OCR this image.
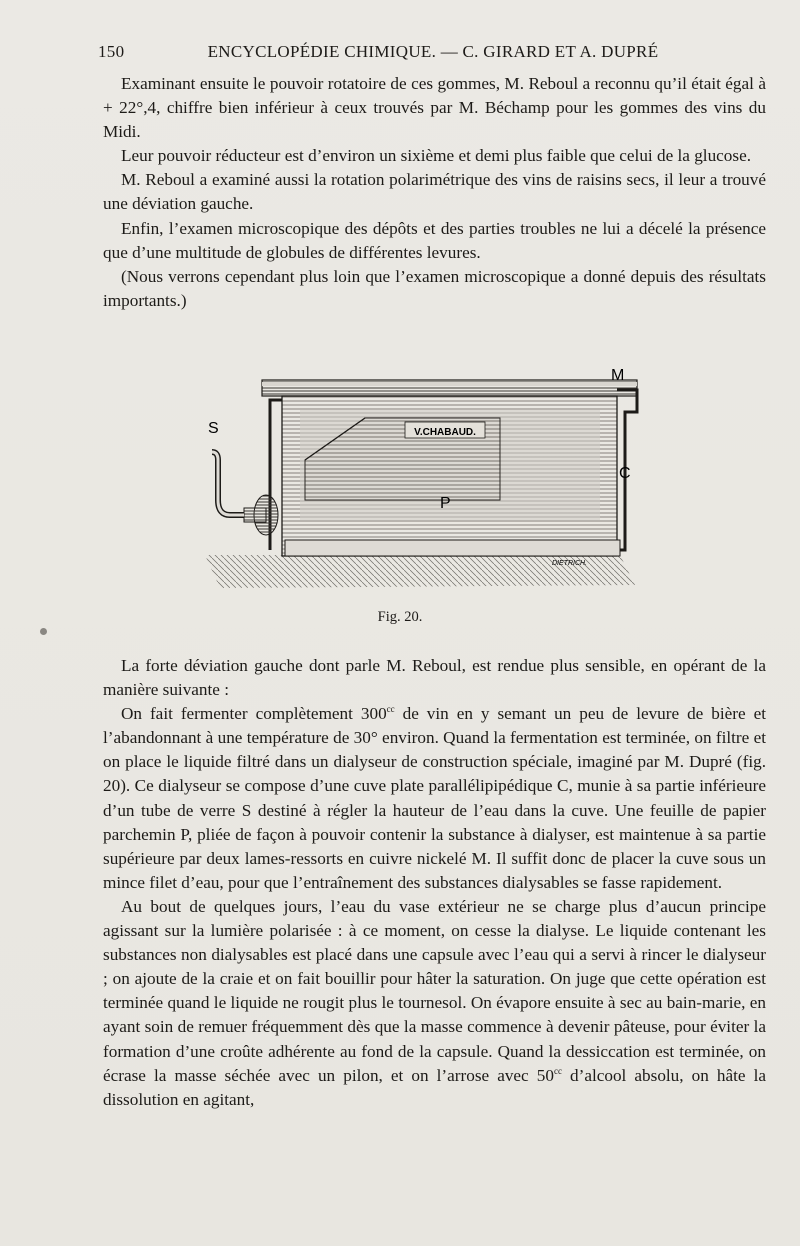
150	ENCYCLOPÉDIE CHIMIQUE. — C. GIRARD ET A. DUPRÉ

Examinant ensuite le pouvoir rotatoire de ces gommes, M. Reboul a reconnu qu’il était égal à + 22°,4, chiffre bien inférieur à ceux trouvés par M. Béchamp pour les gommes des vins du Midi.

Leur pouvoir réducteur est d’environ un sixième et demi plus faible que celui de la glucose.

M. Reboul a examiné aussi la rotation polarimétrique des vins de raisins secs, il leur a trouvé une déviation gauche.

Enfin, l’examen microscopique des dépôts et des parties troubles ne lui a décelé la présence que d’une multitude de globules de différentes levures.

(Nous verrons cependant plus loin que l’examen microscopique a donné depuis des résultats importants.)

V.CHABAUD.
S
M
C
P
DIETRICH.
Fig. 20.

La forte déviation gauche dont parle M. Reboul, est rendue plus sensible, en opérant de la manière suivante :

On fait fermenter complètement $300^{cc}$ de vin en y semant un peu de levure de bière et l’abandonnant à une température de 30° environ. Quand la fermentation est terminée, on filtre et on place le liquide filtré dans un dialyseur de construction spéciale, imaginé par M. Dupré (fig. 20). Ce dialyseur se compose d’une cuve plate parallélipipédique C, munie à sa partie inférieure d’un tube de verre S destiné à régler la hauteur de l’eau dans la cuve. Une feuille de papier parchemin P, pliée de façon à pouvoir contenir la substance à dialyser, est maintenue à sa partie supérieure par deux lames-ressorts en cuivre nickelé M. Il suffit donc de placer la cuve sous un mince filet d’eau, pour que l’entraînement des substances dialysables se fasse rapidement.

Au bout de quelques jours, l’eau du vase extérieur ne se charge plus d’aucun principe agissant sur la lumière polarisée : à ce moment, on cesse la dialyse. Le liquide contenant les substances non dialysables est placé dans une capsule avec l’eau qui a servi à rincer le dialyseur ; on ajoute de la craie et on fait bouillir pour hâter la saturation. On juge que cette opération est terminée quand le liquide ne rougit plus le tournesol. On évapore ensuite à sec au bain-marie, en ayant soin de remuer fréquemment dès que la masse commence à devenir pâteuse, pour éviter la formation d’une croûte adhérente au fond de la capsule. Quand la dessiccation est terminée, on écrase la masse séchée avec un pilon, et on l’arrose avec $50^{cc}$ d’alcool absolu, on hâte la dissolution en agitant,
